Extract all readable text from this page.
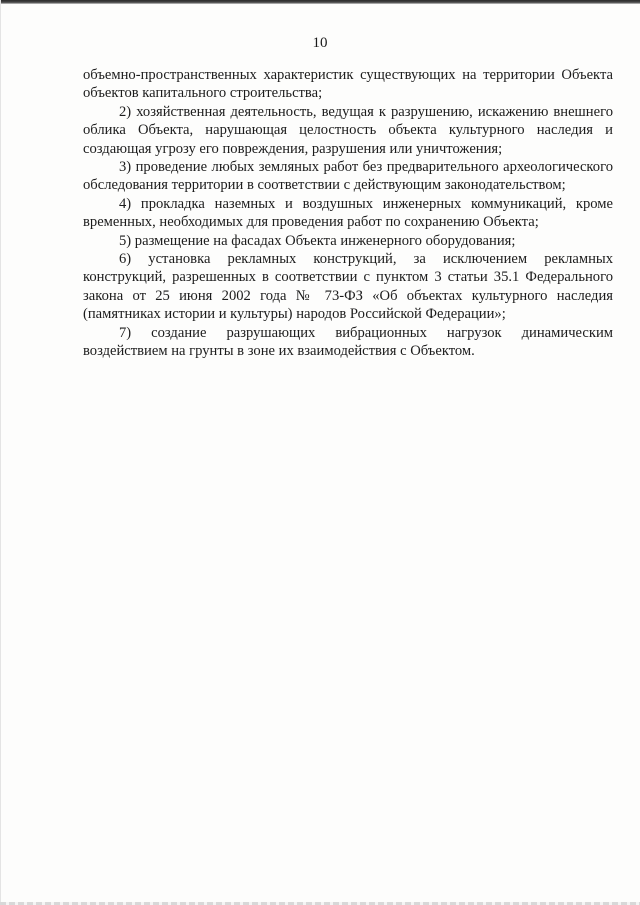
10

объемно-пространственных характеристик существующих на территории Объекта объектов капитального строительства;

2) хозяйственная деятельность, ведущая к разрушению, искажению внешнего облика Объекта, нарушающая целостность объекта культурного наследия и создающая угрозу его повреждения, разрушения или уничтожения;

3) проведение любых земляных работ без предварительного археологического обследования территории в соответствии с действующим законодательством;

4) прокладка наземных и воздушных инженерных коммуникаций, кроме временных, необходимых для проведения работ по сохранению Объекта;

5) размещение на фасадах Объекта инженерного оборудования;

6) установка рекламных конструкций, за исключением рекламных конструкций, разрешенных в соответствии с пунктом 3 статьи 35.1 Федерального закона от 25 июня 2002 года № 73-ФЗ «Об объектах культурного наследия (памятниках истории и культуры) народов Российской Федерации»;

7) создание разрушающих вибрационных нагрузок динамическим воздействием на грунты в зоне их взаимодействия с Объектом.
